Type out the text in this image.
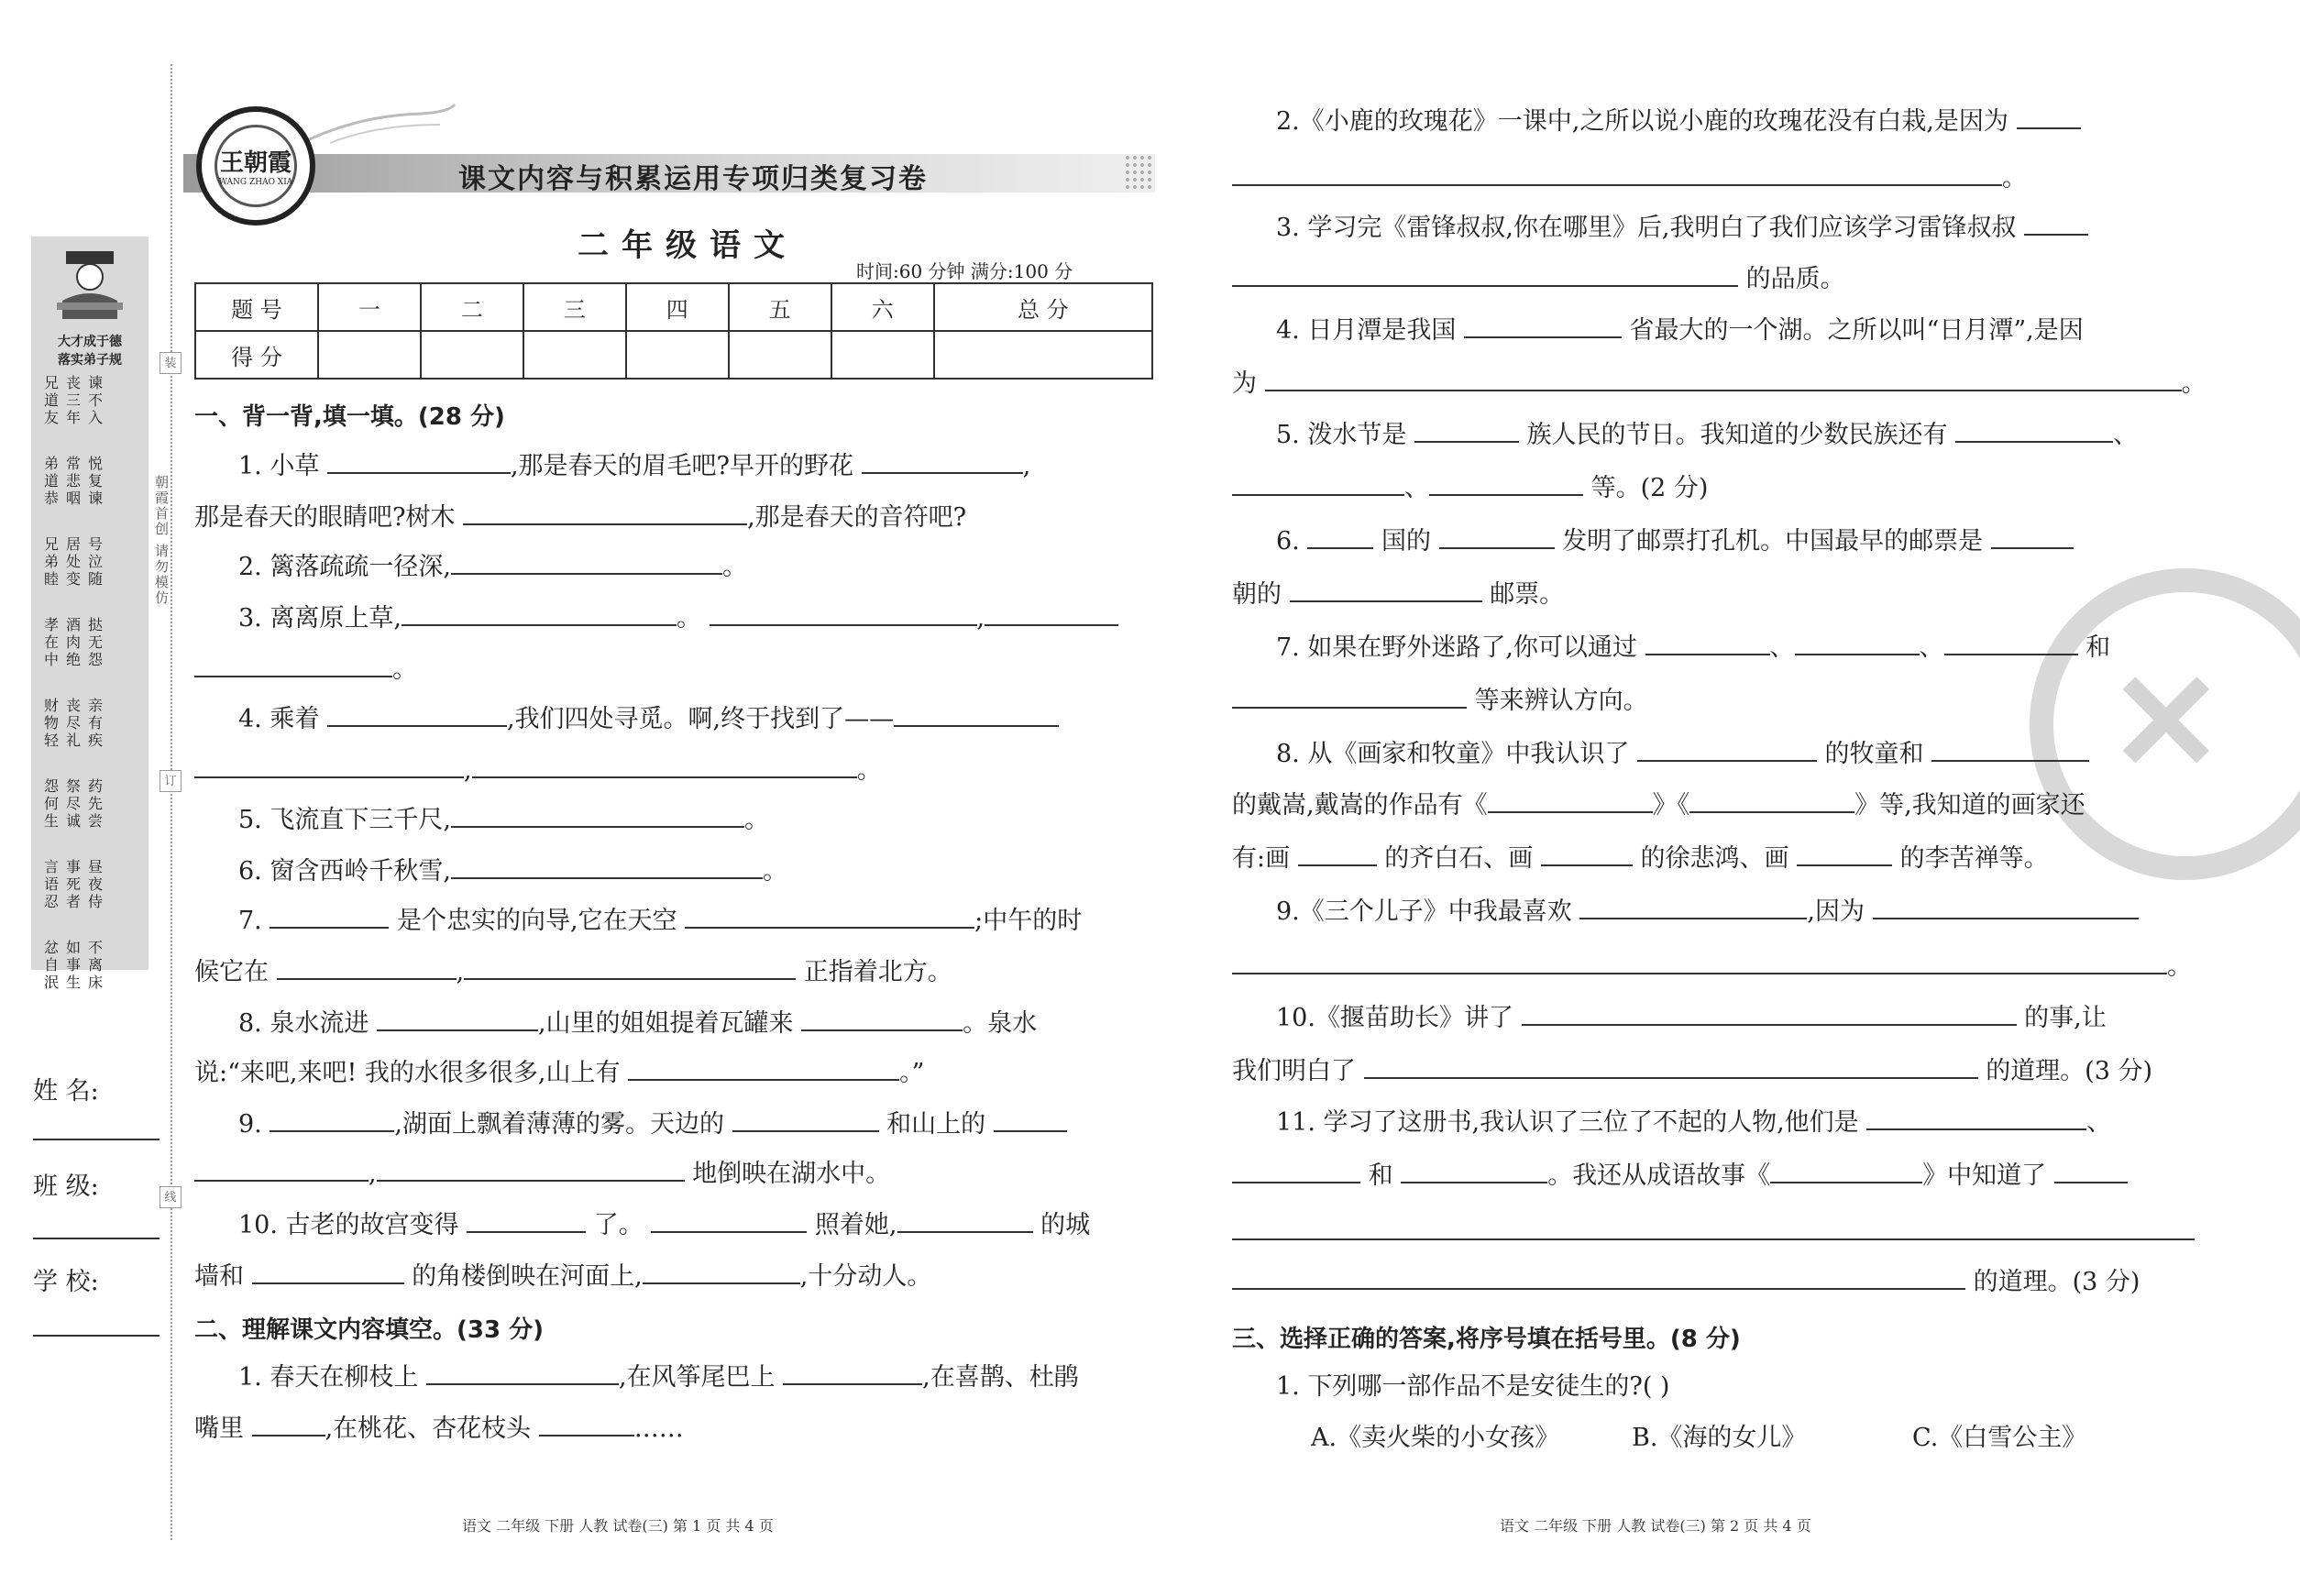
大才成于德
落实弟子规
兄
道
友丧
三
年谏
不
入
弟
道
恭常
悲
咽悦
复
谏
兄
弟
睦居
处
变号
泣
随
孝
在
中酒
肉
绝挞
无
怨
财
物
轻丧
尽
礼亲
有
疾
怨
何
生祭
尽
诚药
先
尝
言
语
忍事
死
者昼
夜
侍
忿
自
泯如
事
生不
离
床
朝霞首创 请勿模仿
装
订
线
姓 名:
班 级:
学 校:
课文内容与积累运用专项归类复习卷
王朝霞
WANG ZHAO XIA
二年级语文
时间:60 分钟 满分:100 分
题 号	一	二	三	四	五	六	总 分
得 分							
一、背一背,填一填。(28 分)
1. 小草	,那是春天的眉毛吧?早开的野花	,
那是春天的眼睛吧?树木	,那是春天的音符吧?
2. 篱落疏疏一径深,	。
3. 离离原上草,	。	,
。
4. 乘着	,我们四处寻觅。啊,终于找到了——
,	。
5. 飞流直下三千尺,	。
6. 窗含西岭千秋雪,	。
7.	是个忠实的向导,它在天空	;中午的时
候它在	,	正指着北方。
8. 泉水流进	,山里的姐姐提着瓦罐来	。泉水
说:“来吧,来吧! 我的水很多很多,山上有	。”
9.	,湖面上飘着薄薄的雾。天边的	和山上的
,	地倒映在湖水中。
10. 古老的故宫变得	了。	照着她,	的城
墙和	的角楼倒映在河面上,	,十分动人。
二、理解课文内容填空。(33 分)
1. 春天在柳枝上	,在风筝尾巴上	,在喜鹊、杜鹃
嘴里	,在桃花、杏花枝头	……
语文 二年级 下册 人教 试卷(三) 第 1 页 共 4 页
✕
2.《小鹿的玫瑰花》一课中,之所以说小鹿的玫瑰花没有白栽,是因为
。
3. 学习完《雷锋叔叔,你在哪里》后,我明白了我们应该学习雷锋叔叔
的品质。
4. 日月潭是我国	省最大的一个湖。之所以叫“日月潭”,是因
为	。
5. 泼水节是	族人民的节日。我知道的少数民族还有	、
、	等。(2 分)
6.	国的	发明了邮票打孔机。中国最早的邮票是
朝的	邮票。
7. 如果在野外迷路了,你可以通过	、	、	和
等来辨认方向。
8. 从《画家和牧童》中我认识了	的牧童和
的戴嵩,戴嵩的作品有《	》《	》等,我知道的画家还
有:画	的齐白石、画	的徐悲鸿、画	的李苦禅等。
9.《三个儿子》中我最喜欢	,因为
。
10.《揠苗助长》讲了	的事,让
我们明白了	的道理。(3 分)
11. 学习了这册书,我认识了三位了不起的人物,他们是	、
和	。我还从成语故事《	》中知道了
的道理。(3 分)
三、选择正确的答案,将序号填在括号里。(8 分)
1. 下列哪一部作品不是安徒生的?( )
A.《卖火柴的小女孩》	B.《海的女儿》	C.《白雪公主》
语文 二年级 下册 人教 试卷(三) 第 2 页 共 4 页
